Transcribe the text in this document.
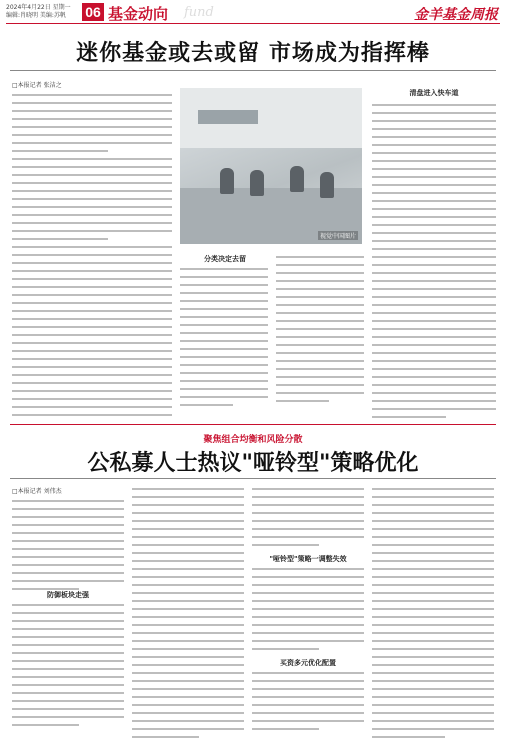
2024年4月22日 星期一
编辑:肖晓明 美编:苏帆	06 基金动向 fund	金羊基金周报
迷你基金或去或留 市场成为指挥棒
□本报记者 张洁之
视觉中国图片
清盘进入快车道
分类决定去留
聚焦组合均衡和风险分散
公私募人士热议"哑铃型"策略优化
□本报记者 刘伟杰
防御板块走强
"哑铃型"策略一调整失效
买资多元优化配置
